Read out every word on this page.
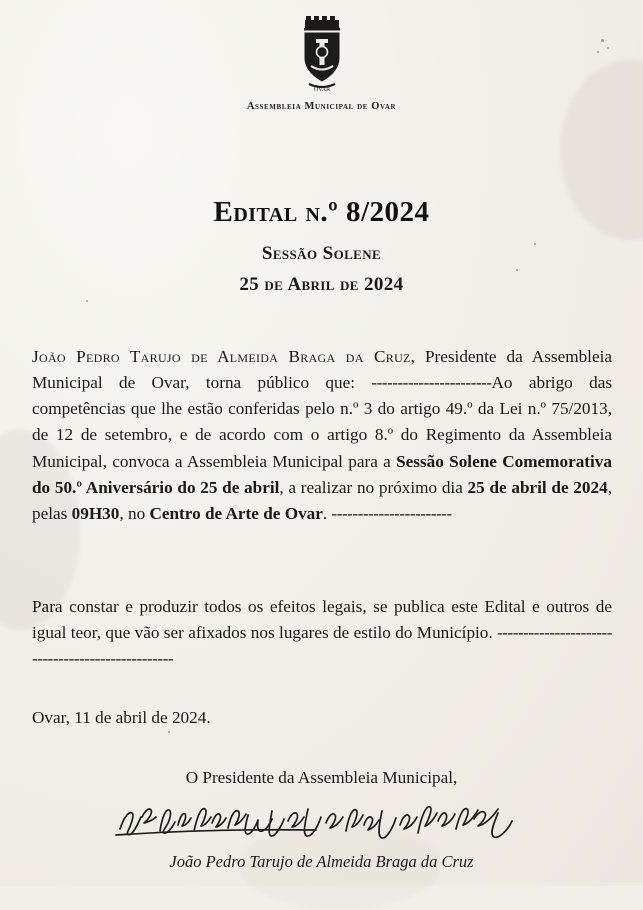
OVAR
Assembleia Municipal de Ovar
Edital n.º 8/2024
Sessão Solene
25 de Abril de 2024

João Pedro Tarujo de Almeida Braga da Cruz, Presidente da Assembleia Municipal de Ovar, torna público que: -----------------------Ao abrigo das competências que lhe estão conferidas pelo n.º 3 do artigo 49.º da Lei n.º 75/2013, de 12 de setembro, e de acordo com o artigo 8.º do Regimento da Assembleia Municipal, convoca a Assembleia Municipal para a Sessão Solene Comemorativa do 50.º Aniversário do 25 de abril, a realizar no próximo dia 25 de abril de 2024, pelas 09H30, no Centro de Arte de Ovar. -----------------------

Para constar e produzir todos os efeitos legais, se publica este Edital e outros de igual teor, que vão ser afixados nos lugares de estilo do Município. -------------------------------------------------

Ovar, 11 de abril de 2024.
O Presidente da Assembleia Municipal,
João Pedro Tarujo de Almeida Braga da Cruz
